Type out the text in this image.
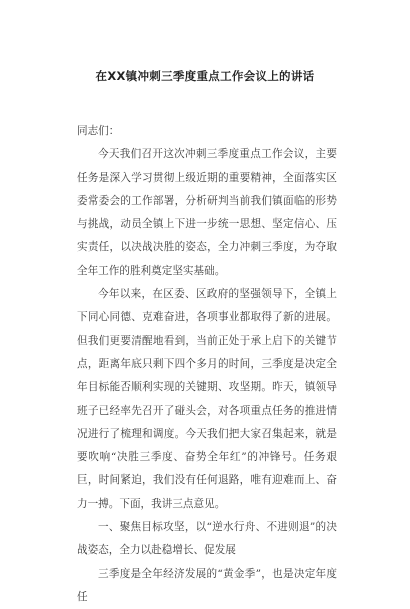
在XX镇冲刺三季度重点工作会议上的讲话

同志们：

今天我们召开这次冲刺三季度重点工作会议，主要任务是深入学习贯彻上级近期的重要精神，全面落实区委常委会的工作部署，分析研判当前我们镇面临的形势与挑战，动员全镇上下进一步统一思想、坚定信心、压实责任，以决战决胜的姿态，全力冲刺三季度，为夺取全年工作的胜利奠定坚实基础。

今年以来，在区委、区政府的坚强领导下，全镇上下同心同德、克难奋进，各项事业都取得了新的进展。但我们更要清醒地看到，当前正处于承上启下的关键节点，距离年底只剩下四个多月的时间，三季度是决定全年目标能否顺利实现的关键期、攻坚期。昨天，镇领导班子已经率先召开了碰头会，对各项重点任务的推进情况进行了梳理和调度。今天我们把大家召集起来，就是要吹响“决胜三季度、奋势全年红”的冲锋号。任务艰巨，时间紧迫，我们没有任何退路，唯有迎难而上、奋力一搏。下面，我讲三点意见。

一、聚焦目标攻坚，以“逆水行舟、不进则退”的决战姿态，全力以赴稳增长、促发展

三季度是全年经济发展的“黄金季”，也是决定年度任
